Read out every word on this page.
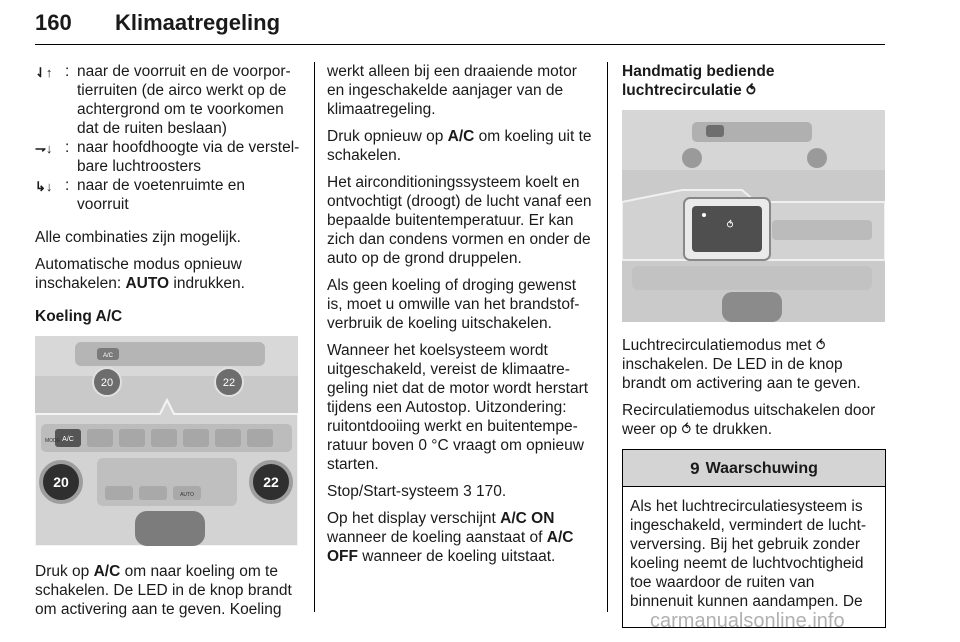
160 Klimaatregeling
⇃↑ : naar de voorruit en de voorportierruiten (de airco werkt op de achtergrond om te voorkomen dat de ruiten beslaan)
⇁↓ : naar hoofdhoogte via de verstelbare luchtroosters
↳↓ : naar de voetenruimte en voorruit

Alle combinaties zijn mogelijk.

Automatische modus opnieuw inschakelen: AUTO indrukken.

Koeling A/C

A/C
20	22
A/C
MODE
20	22
AUTO

Druk op A/C om naar koeling om te schakelen. De LED in de knop brandt om activering aan te geven. Koeling

werkt alleen bij een draaiende motor en ingeschakelde aanjager van de klimaatregeling.

Druk opnieuw op A/C om koeling uit te schakelen.

Het airconditioningssysteem koelt en ontvochtigt (droogt) de lucht vanaf een bepaalde buitentemperatuur. Er kan zich dan condens vormen en onder de auto op de grond druppelen.

Als geen koeling of droging gewenst is, moet u omwille van het brandstofverbruik de koeling uitschakelen.

Wanneer het koelsysteem wordt uitgeschakeld, vereist de klimaatregeling niet dat de motor wordt herstart tijdens een Autostop. Uitzondering: ruitontdooiing werkt en buitentemperatuur boven 0 °C vraagt om opnieuw starten.

Stop/Start-systeem 3 170.

Op het display verschijnt A/C ON wanneer de koeling aanstaat of A/C OFF wanneer de koeling uitstaat.

Handmatig bediende luchtrecirculatie ⥀

⥀

Luchtrecirculatiemodus met ⥀ inschakelen. De LED in de knop brandt om activering aan te geven.

Recirculatiemodus uitschakelen door weer op ⥀ te drukken.

9 Waarschuwing
Als het luchtrecirculatiesysteem is ingeschakeld, vermindert de luchtverversing. Bij het gebruik zonder koeling neemt de luchtvochtigheid toe waardoor de ruiten van binnenuit kunnen aandampen. De
carmanualsonline.info
